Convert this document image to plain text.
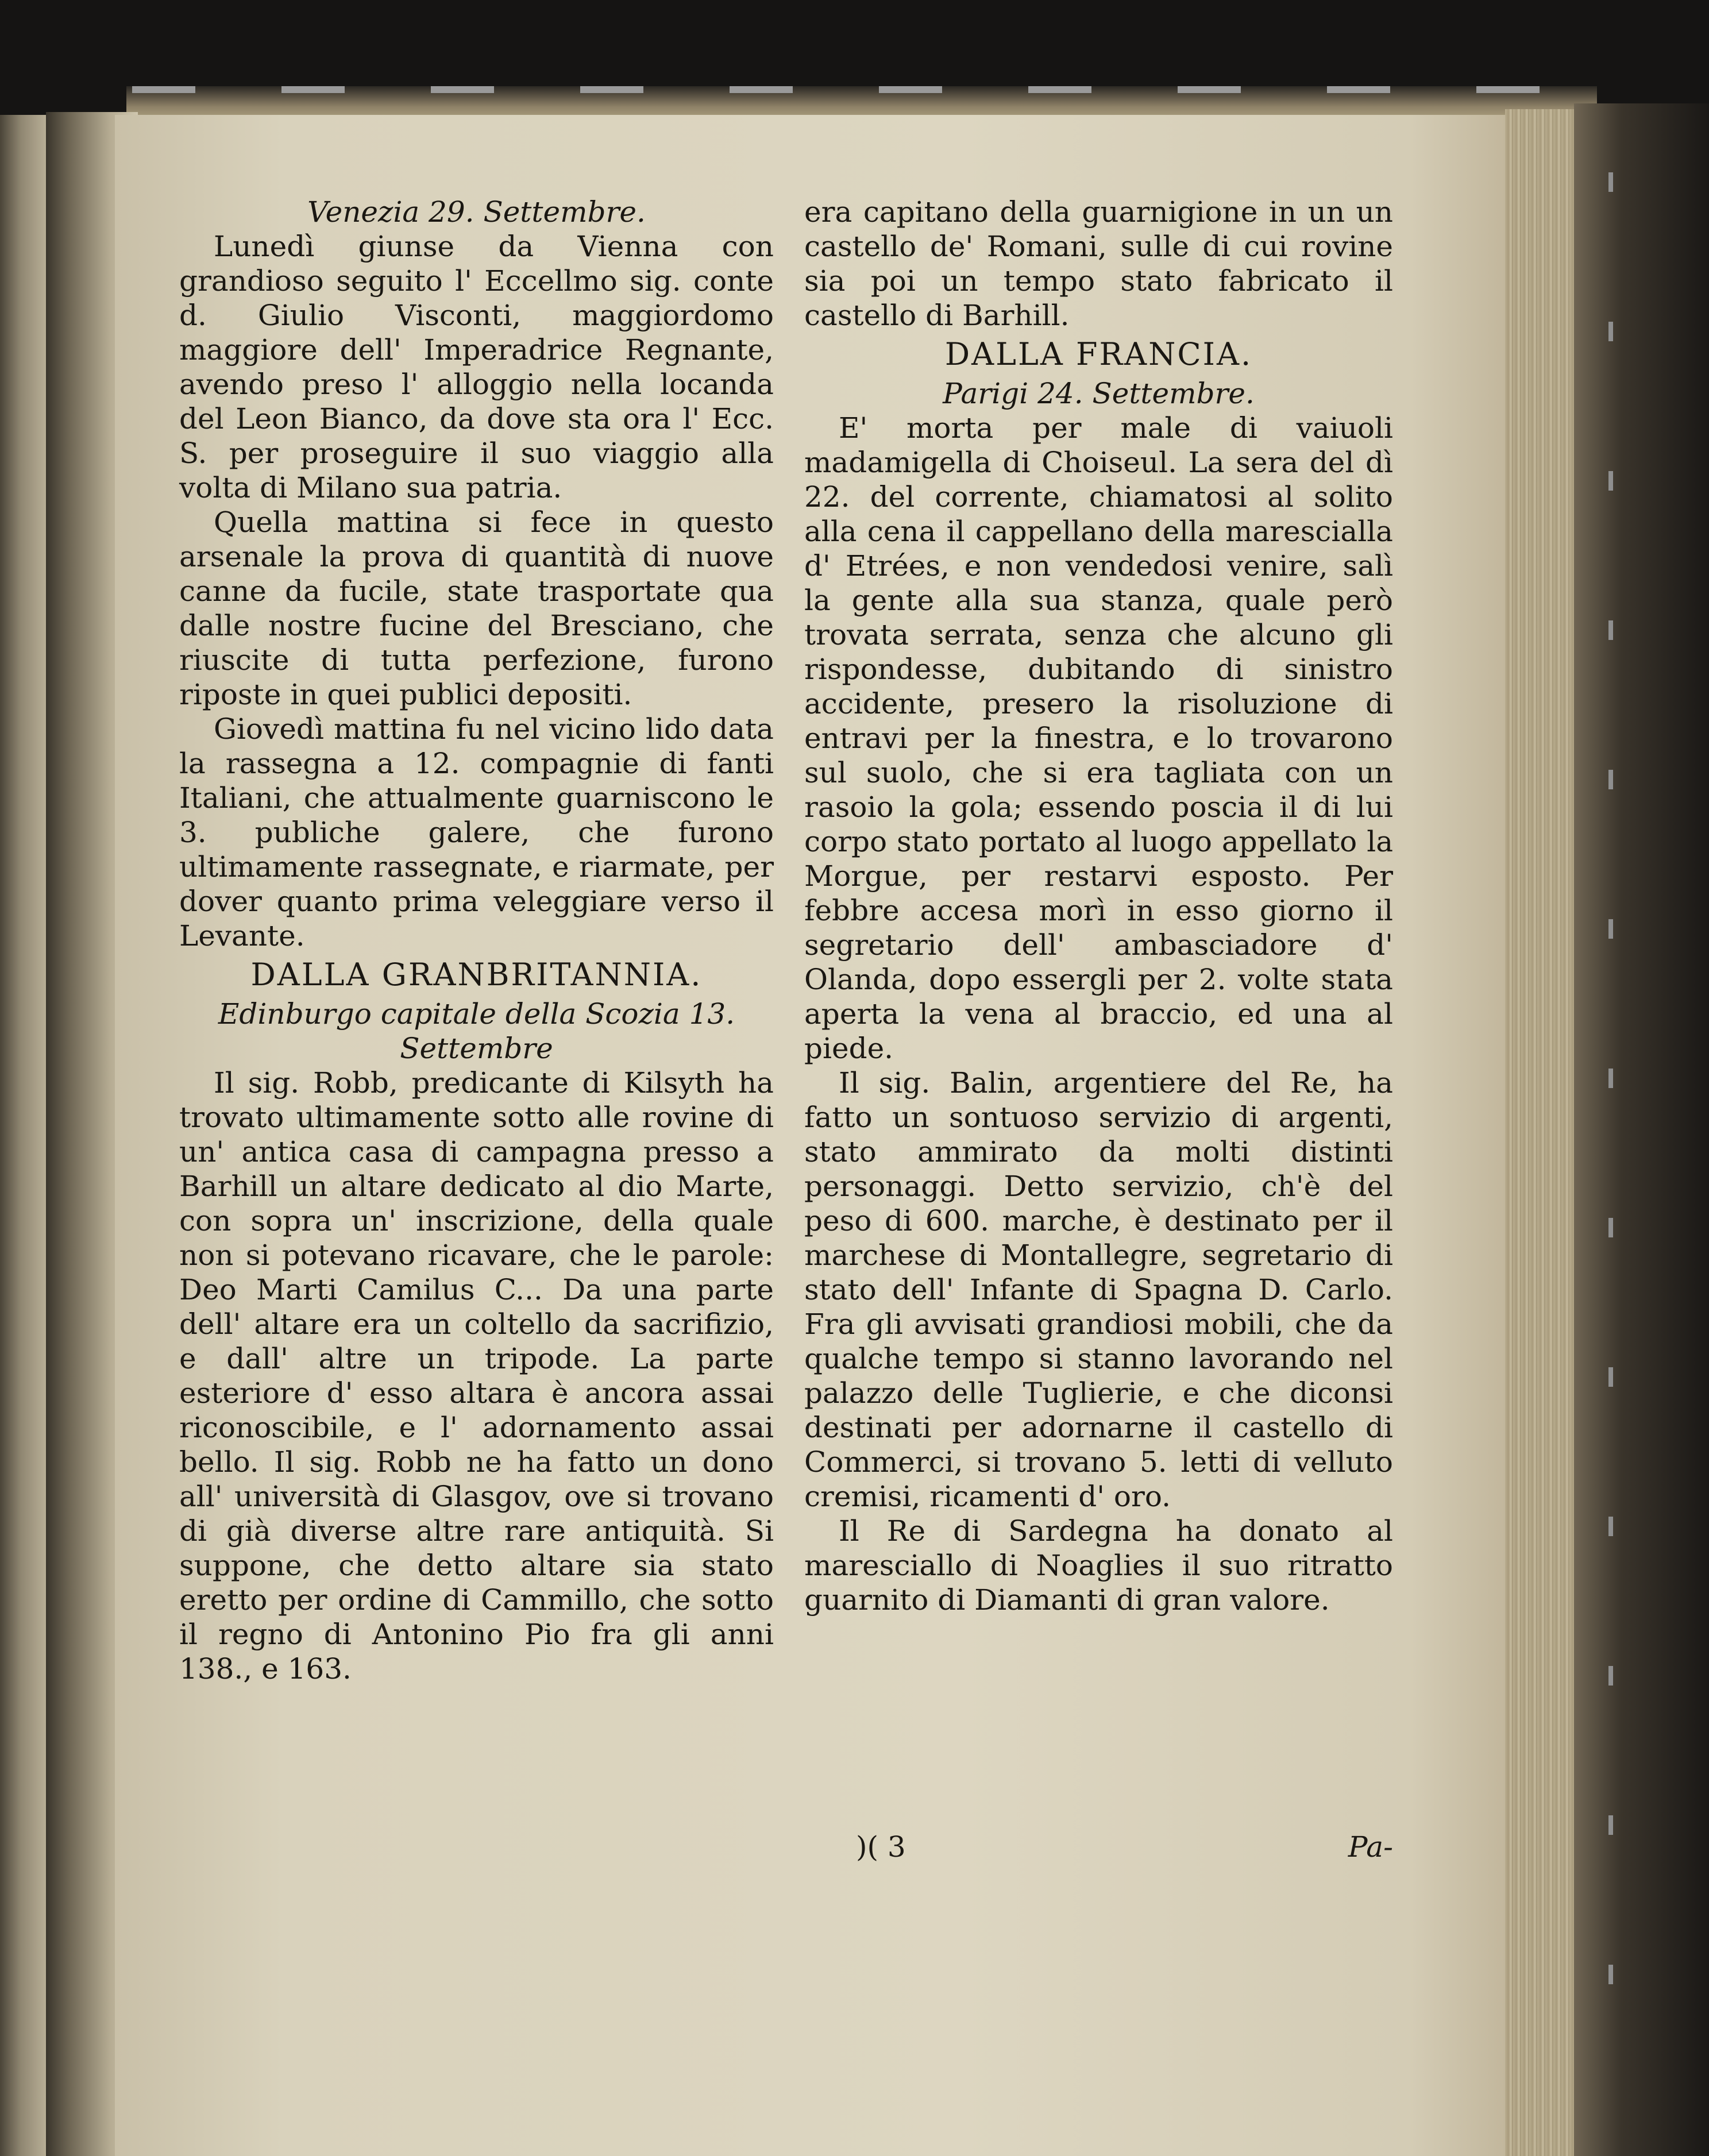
Venezia 29. Settembre.

Lunedì giunse da Vienna con grandioso seguito l' Eccellmo sig. conte d. Giulio Visconti, maggiordomo maggiore dell' Imperadrice Regnante, avendo preso l' alloggio nella locanda del Leon Bianco, da dove sta ora l' Ecc. S. per proseguire il suo viaggio alla volta di Milano sua patria.

Quella mattina si fece in questo arsenale la prova di quantità di nuove canne da fucile, state trasportate qua dalle nostre fucine del Bresciano, che riuscite di tutta perfezione, furono riposte in quei publici depositi.

Giovedì mattina fu nel vicino lido data la rassegna a 12. compagnie di fanti Italiani, che attualmente guarniscono le 3. publiche galere, che furono ultimamente rassegnate, e riarmate, per dover quanto prima veleggiare verso il Levante.

DALLA GRANBRITANNIA.

Edinburgo capitale della Scozia 13. Settembre

Il sig. Robb, predicante di Kilsyth ha trovato ultimamente sotto alle rovine di un' antica casa di campagna presso a Barhill un altare dedicato al dio Marte, con sopra un' inscrizione, della quale non si potevano ricavare, che le parole: Deo Marti Camilus C... Da una parte dell' altare era un coltello da sacrifizio, e dall' altre un tripode. La parte esteriore d' esso altara è ancora assai riconoscibile, e l' adornamento assai bello. Il sig. Robb ne ha fatto un dono all' università di Glasgov, ove si trovano di già diverse altre rare antiquità. Si suppone, che detto altare sia stato eretto per ordine di Cammillo, che sotto il regno di Antonino Pio fra gli anni 138., e 163.

era capitano della guarnigione in un un castello de' Romani, sulle di cui rovine sia poi un tempo stato fabricato il castello di Barhill.

DALLA FRANCIA.

Parigi 24. Settembre.

E' morta per male di vaiuoli madamigella di Choiseul. La sera del dì 22. del corrente, chiamatosi al solito alla cena il cappellano della marescialla d' Etrées, e non vendedosi venire, salì la gente alla sua stanza, quale però trovata serrata, senza che alcuno gli rispondesse, dubitando di sinistro accidente, presero la risoluzione di entravi per la finestra, e lo trovarono sul suolo, che si era tagliata con un rasoio la gola; essendo poscia il di lui corpo stato portato al luogo appellato la Morgue, per restarvi esposto. Per febbre accesa morì in esso giorno il segretario dell' ambasciadore d' Olanda, dopo essergli per 2. volte stata aperta la vena al braccio, ed una al piede.

Il sig. Balin, argentiere del Re, ha fatto un sontuoso servizio di argenti, stato ammirato da molti distinti personaggi. Detto servizio, ch'è del peso di 600. marche, è destinato per il marchese di Montallegre, segretario di stato dell' Infante di Spagna D. Carlo. Fra gli avvisati grandiosi mobili, che da qualche tempo si stanno lavorando nel palazzo delle Tuglierie, e che diconsi destinati per adornarne il castello di Commerci, si trovano 5. letti di velluto cremisi, ricamenti d' oro.

Il Re di Sardegna ha donato al maresciallo di Noaglies il suo ritratto guarnito di Diamanti di gran valore.

)( 3	Pa-
